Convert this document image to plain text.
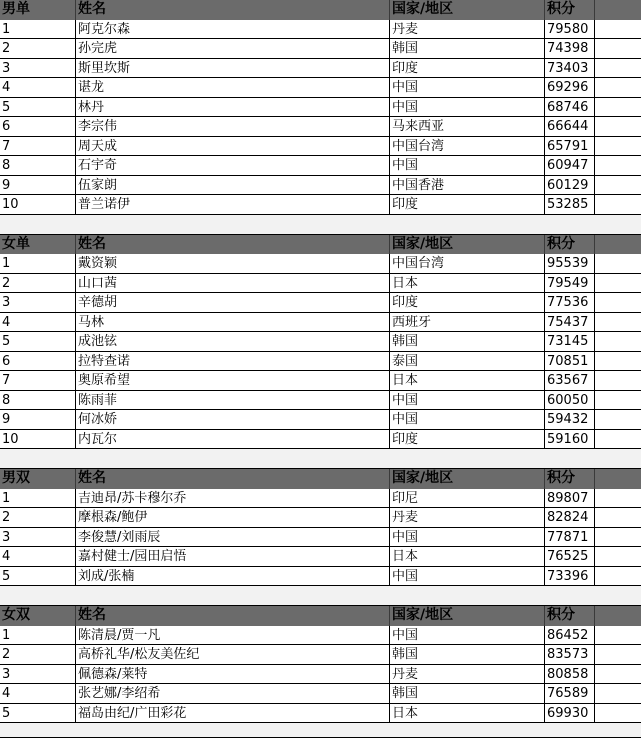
男单	姓名	国家/地区	积分
1	阿克尔森	丹麦	79580
2	孙完虎	韩国	74398
3	斯里坎斯	印度	73403
4	谌龙	中国	69296
5	林丹	中国	68746
6	李宗伟	马来西亚	66644
7	周天成	中国台湾	65791
8	石宇奇	中国	60947
9	伍家朗	中国香港	60129
10	普兰诺伊	印度	53285
女单	姓名	国家/地区	积分
1	戴资颖	中国台湾	95539
2	山口茜	日本	79549
3	辛德胡	印度	77536
4	马林	西班牙	75437
5	成池铉	韩国	73145
6	拉特查诺	泰国	70851
7	奥原希望	日本	63567
8	陈雨菲	中国	60050
9	何冰娇	中国	59432
10	内瓦尔	印度	59160
男双	姓名	国家/地区	积分
1	吉迪昂/苏卡穆尔乔	印尼	89807
2	摩根森/鲍伊	丹麦	82824
3	李俊慧/刘雨辰	中国	77871
4	嘉村健士/园田启悟	日本	76525
5	刘成/张楠	中国	73396
女双	姓名	国家/地区	积分
1	陈清晨/贾一凡	中国	86452
2	高桥礼华/松友美佐纪	韩国	83573
3	佩德森/莱特	丹麦	80858
4	张艺娜/李绍希	韩国	76589
5	福岛由纪/广田彩花	日本	69930
